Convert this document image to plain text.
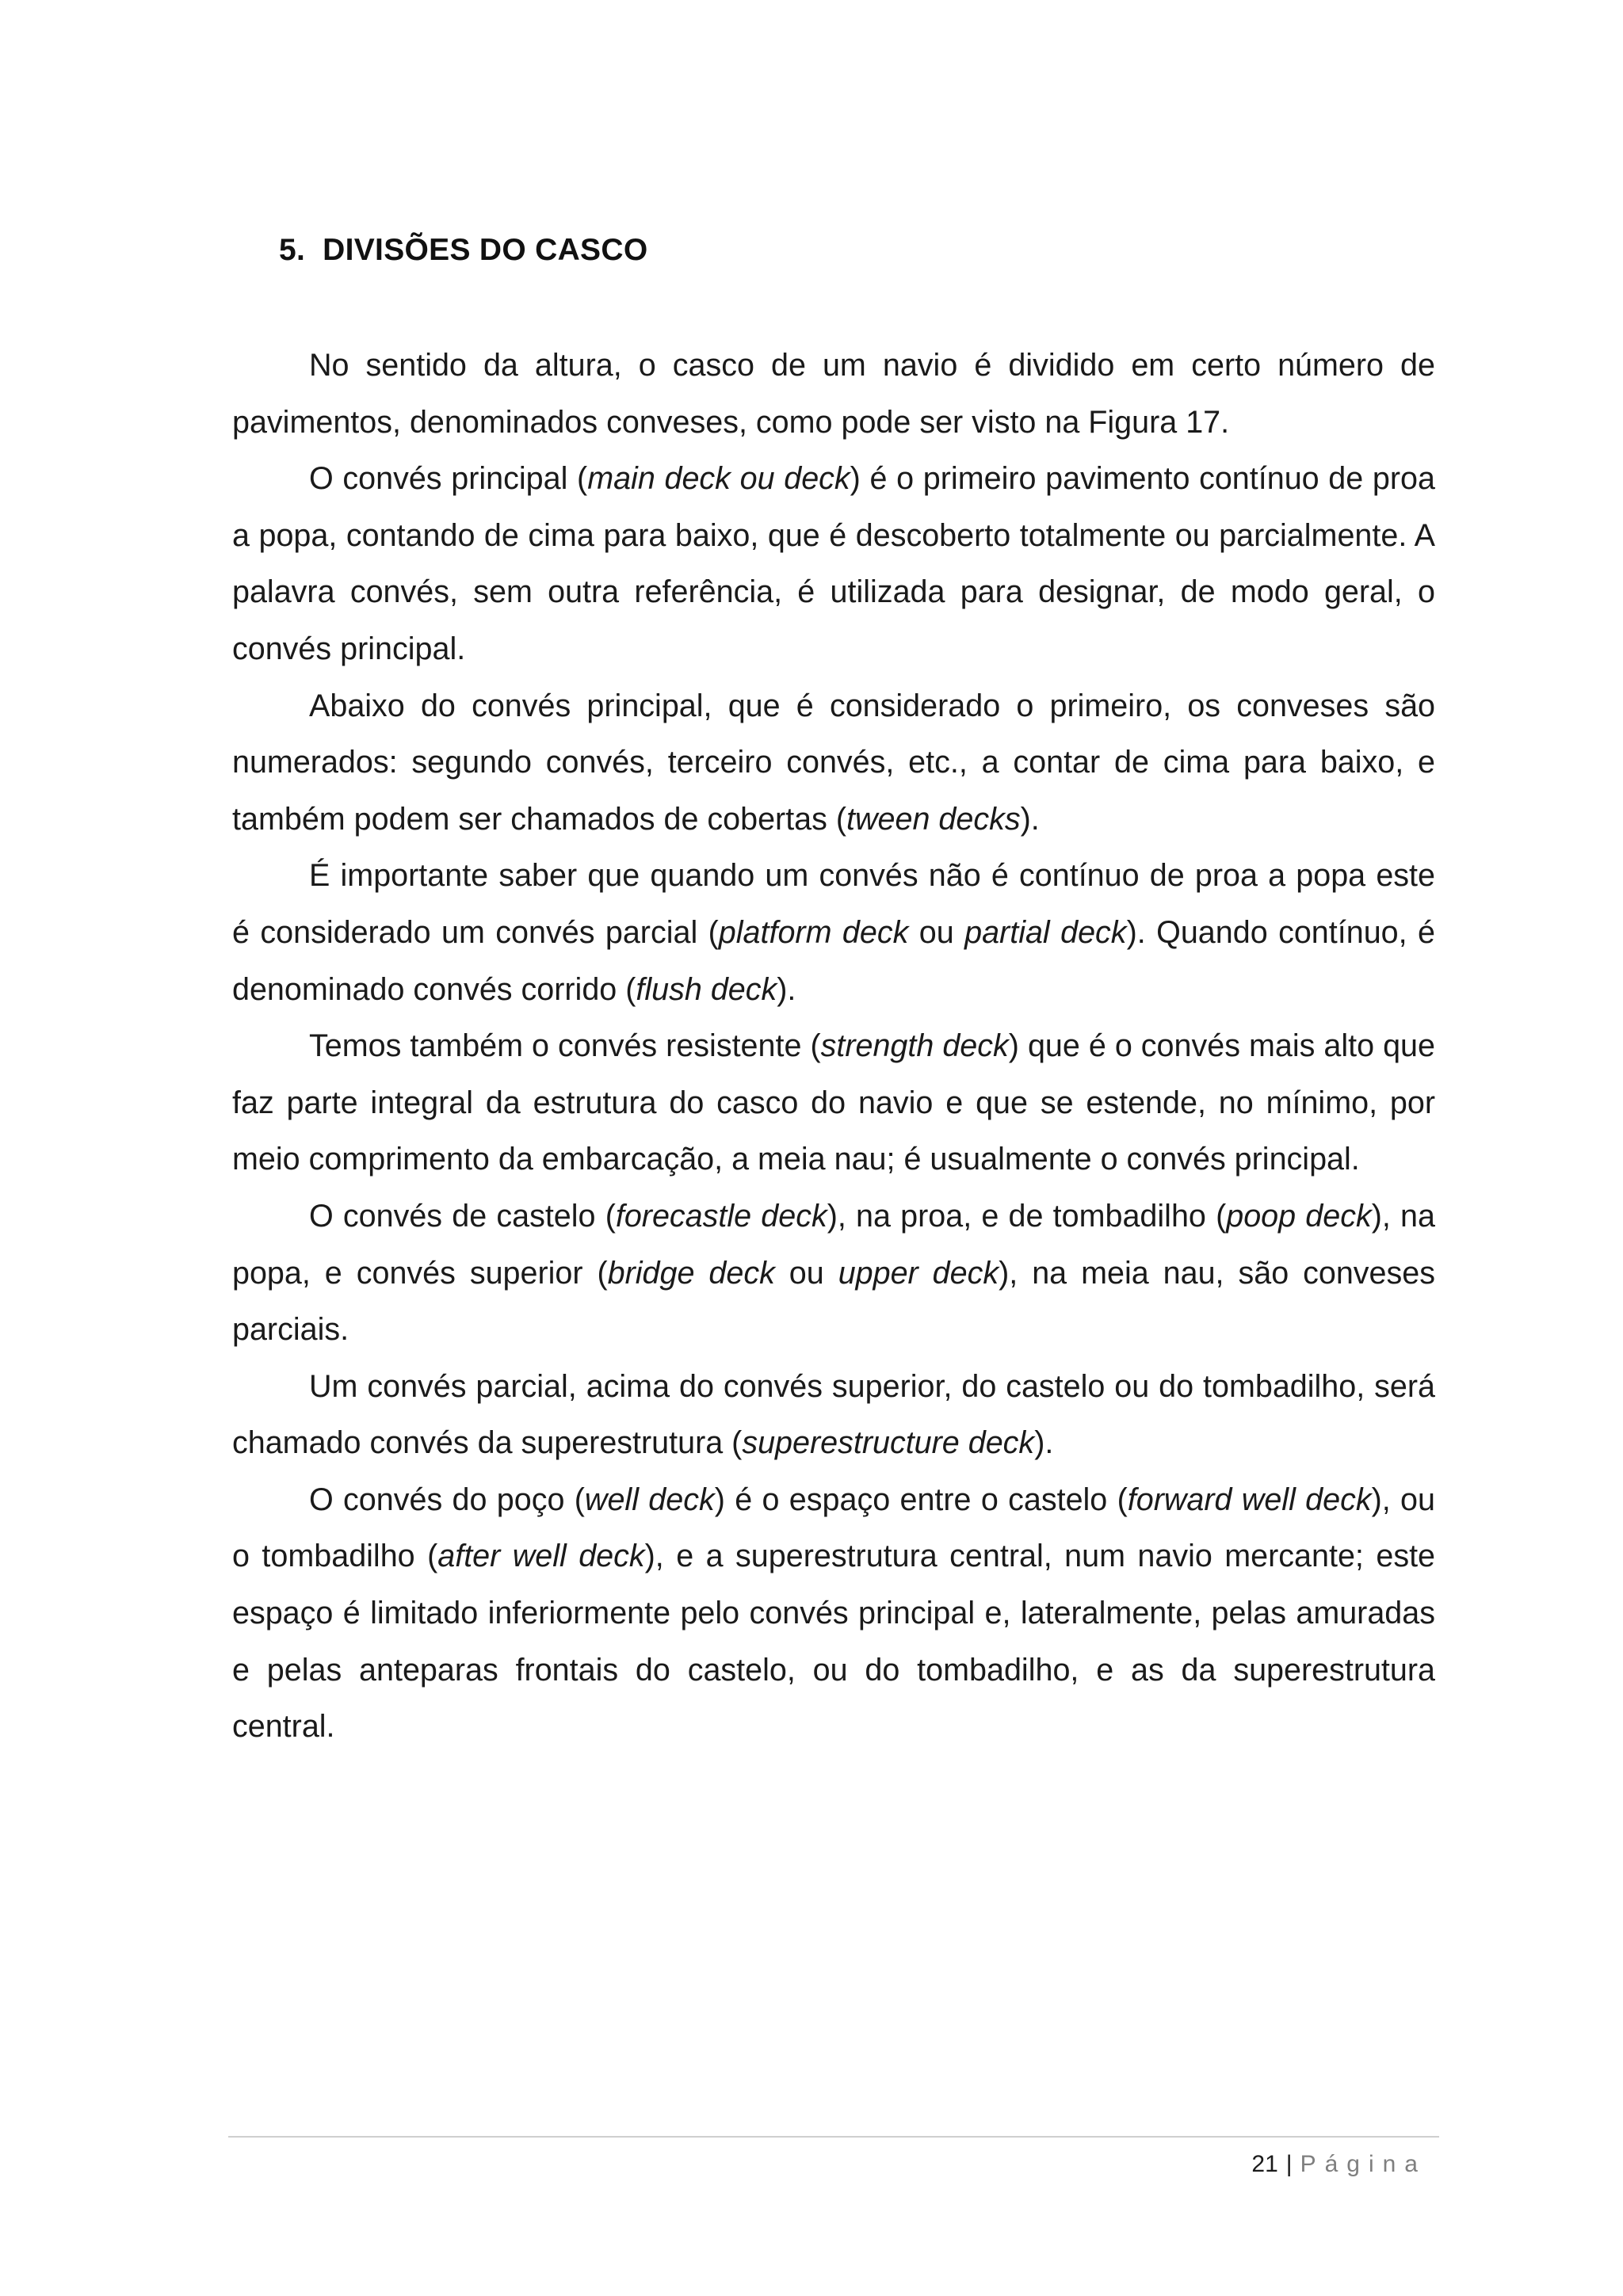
5. DIVISÕES DO CASCO

No sentido da altura, o casco de um navio é dividido em certo número de pavimentos, denominados conveses, como pode ser visto na Figura 17.

O convés principal (main deck ou deck) é o primeiro pavimento contínuo de proa a popa, contando de cima para baixo, que é descoberto totalmente ou parcialmente. A palavra convés, sem outra referência, é utilizada para designar, de modo geral, o convés principal.

Abaixo do convés principal, que é considerado o primeiro, os conveses são numerados: segundo convés, terceiro convés, etc., a contar de cima para baixo, e também podem ser chamados de cobertas (tween decks).

É importante saber que quando um convés não é contínuo de proa a popa este é considerado um convés parcial (platform deck ou partial deck). Quando contínuo, é denominado convés corrido (flush deck).

Temos também o convés resistente (strength deck) que é o convés mais alto que faz parte integral da estrutura do casco do navio e que se estende, no mínimo, por meio comprimento da embarcação, a meia nau; é usualmente o convés principal.

O convés de castelo (forecastle deck), na proa, e de tombadilho (poop deck), na popa, e convés superior (bridge deck ou upper deck), na meia nau, são conveses parciais.

Um convés parcial, acima do convés superior, do castelo ou do tombadilho, será chamado convés da superestrutura (superestructure deck).

O convés do poço (well deck) é o espaço entre o castelo (forward well deck), ou o tombadilho (after well deck), e a superestrutura central, num navio mercante; este espaço é limitado inferiormente pelo convés principal e, lateralmente, pelas amuradas e pelas anteparas frontais do castelo, ou do tombadilho, e as da superestrutura central.

21 | Página
